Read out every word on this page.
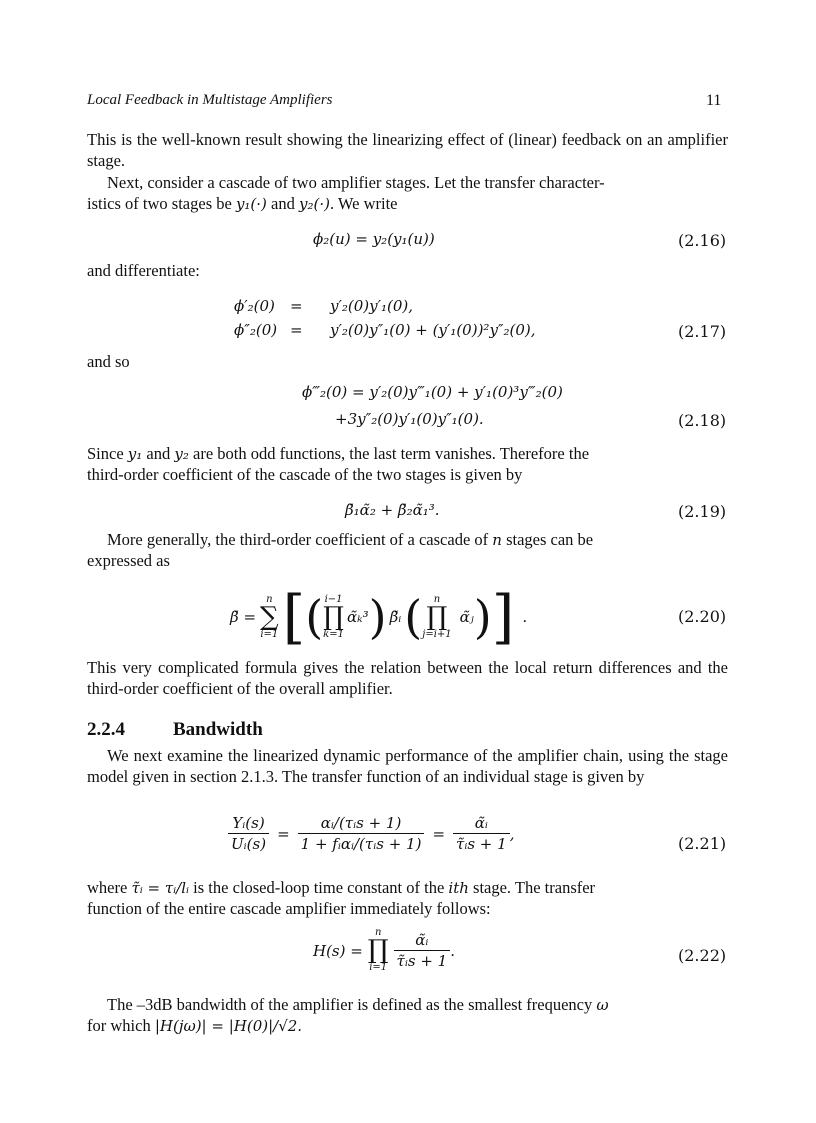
Local Feedback in Multistage Amplifiers	11
This is the well-known result showing the linearizing effect of (linear) feedback on an amplifier stage.
Next, consider a cascade of two amplifier stages. Let the transfer character-
istics of two stages be y₁(·) and y₂(·). We write
ϕ₂(u) = y₂(y₁(u))	(2.16)
and differentiate:
ϕ′₂(0) = y′₂(0)y′₁(0),
ϕ″₂(0) = y′₂(0)y″₁(0) + (y′₁(0))²y″₂(0),	(2.17)
and so
ϕ‴₂(0) = y′₂(0)y‴₁(0) + y′₁(0)³y‴₂(0)
+3y″₂(0)y′₁(0)y″₁(0).	(2.18)
Since y₁ and y₂ are both odd functions, the last term vanishes. Therefore the
third-order coefficient of the cascade of the two stages is given by
β̃₁α̃₂ + β̃₂α̃₁³.	(2.19)
More generally, the third-order coefficient of a cascade of n stages can be
expressed as
β̃ =
n
∑
i=1 [ ( i−1
∏
k=1
α̃ₖ³ ) β̃ᵢ (	n
∏
j=i+1
α̃ⱼ ) ] .	(2.20)
This very complicated formula gives the relation between the local return differences and the third-order coefficient of the overall amplifier.
2.2.4	Bandwidth
We next examine the linearized dynamic performance of the amplifier chain, using the stage model given in section 2.1.3. The transfer function of an individual stage is given by
$\frac{\text{Yᵢ(s)}}{\text{Uᵢ(s)}} = \frac{\text{αᵢ/(τᵢs + 1)}}{\text{1 + fᵢαᵢ/(τᵢs + 1)}} = \frac{\text{α̃ᵢ}}{\text{τ̃ᵢs + 1}}$ ,
(2.21)
where τ̃ᵢ = τᵢ/lᵢ is the closed-loop time constant of the ith stage. The transfer
function of the entire cascade amplifier immediately follows:
H(s) =
n
∏
$i=1 \frac{\text{α̃ᵢ}}{\text{τ̃ᵢs + 1}}$ .	(2.22)
The –3dB bandwidth of the amplifier is defined as the smallest frequency ω
for which |H(jω)| = |H(0)|/√2.
